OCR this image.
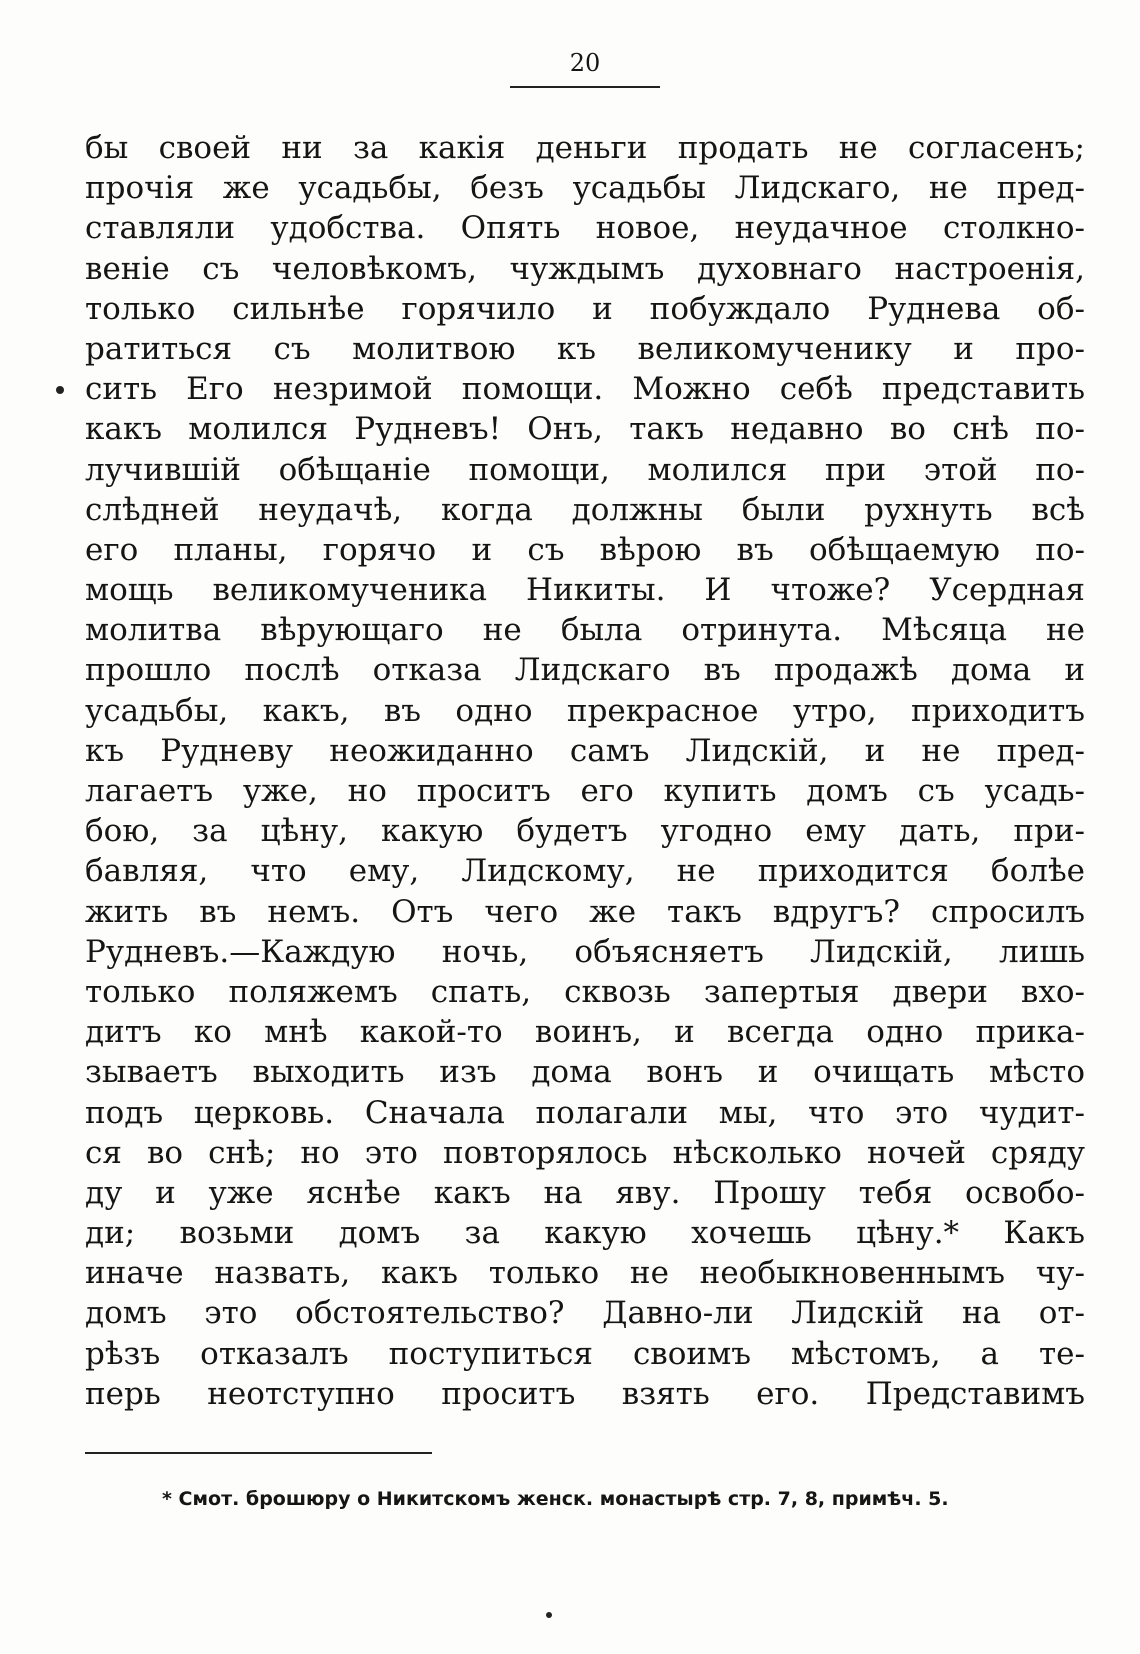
20
бы своей ни за какія деньги продать не согласенъ;
прочія же усадьбы, безъ усадьбы Лидскаго, не пред-
ставляли удобства. Опять новое, неудачное столкно-
веніе съ человѣкомъ, чуждымъ духовнаго настроенія,
только сильнѣе горячило и побуждало Руднева об-
ратиться съ молитвою къ великомученику и про-
сить Его незримой помощи. Можно себѣ представить
какъ молился Рудневъ! Онъ, такъ недавно во снѣ по-
лучившій обѣщаніе помощи, молился при этой по-
слѣдней неудачѣ, когда должны были рухнуть всѣ
его планы, горячо и съ вѣрою въ обѣщаемую по-
мощь великомученика Никиты. И чтоже? Усердная
молитва вѣрующаго не была отринута. Мѣсяца не
прошло послѣ отказа Лидскаго въ продажѣ дома и
усадьбы, какъ, въ одно прекрасное утро, приходитъ
къ Рудневу неожиданно самъ Лидскій, и не пред-
лагаетъ уже, но проситъ его купить домъ съ усадь-
бою, за цѣну, какую будетъ угодно ему дать, при-
бавляя, что ему, Лидскому, не приходится болѣе
жить въ немъ. Отъ чего же такъ вдругъ? спросилъ
Рудневъ.—Каждую ночь, объясняетъ Лидскій, лишь
только поляжемъ спать, сквозь запертыя двери вхо-
дитъ ко мнѣ какой-то воинъ, и всегда одно прика-
зываетъ выходить изъ дома вонъ и очищать мѣсто
подъ церковь. Сначала полагали мы, что это чудит-
ся во снѣ; но это повторялось нѣсколько ночей сряду
ду и уже яснѣе какъ на яву. Прошу тебя освобо-
ди; возьми домъ за какую хочешь цѣну.* Какъ
иначе назвать, какъ только не необыкновеннымъ чу-
домъ это обстоятельство? Давно-ли Лидскій на от-
рѣзъ отказалъ поступиться своимъ мѣстомъ, а те-
перь неотступно проситъ взять его. Представимъ
* Смот. брошюру о Никитскомъ женск. монастырѣ стр. 7, 8, примѣч. 5.
